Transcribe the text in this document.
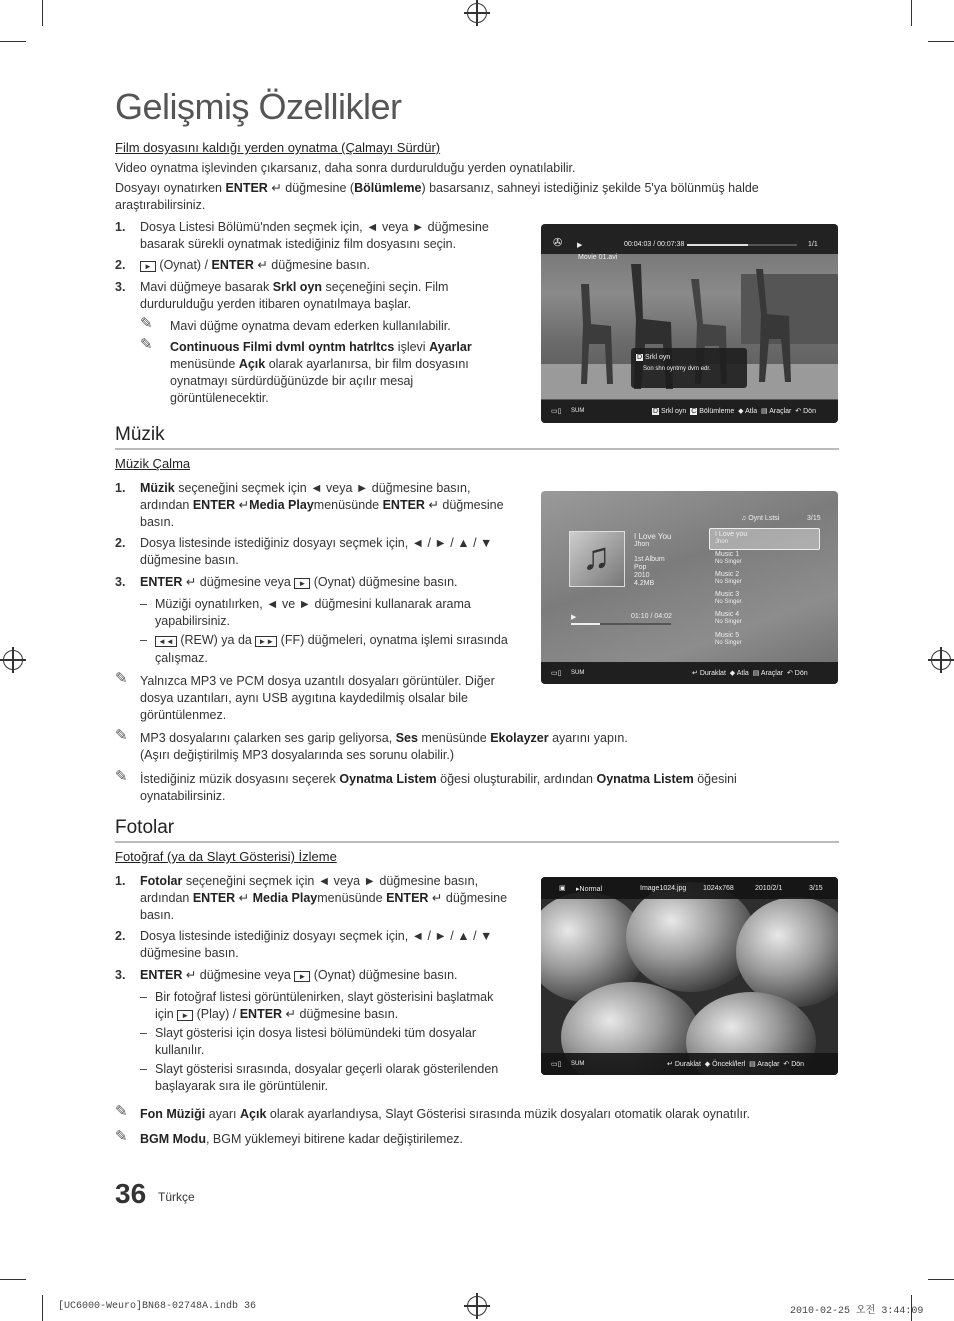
Gelişmiş Özellikler
Film dosyasını kaldığı yerden oynatma (Çalmayı Sürdür)
Video oynatma işlevinden çıkarsanız, daha sonra durdurulduğu yerden oynatılabilir.
Dosyayı oynatırken ENTER ↵ düğmesine (Bölümleme) basarsanız, sahneyi istediğiniz şekilde 5'ya bölünmüş halde
araştırabilirsiniz.
1. Dosya Listesi Bölümü'nden seçmek için, ◄ veya ► düğmesine basarak sürekli oynatmak istediğiniz film dosyasını seçin.
2.	► (Oynat) / ENTER ↵ düğmesine basın.
3. Mavi düğmeye basarak Srkl oyn seçeneğini seçin. Film durdurulduğu yerden itibaren oynatılmaya başlar.
✎ Mavi düğme oynatma devam ederken kullanılabilir.
✎ Continuous Filmi dvml oyntm hatrltcs işlevi Ayarlar menüsünde Açık olarak ayarlanırsa, bir film dosyasını oynatmayı sürdürdüğünüzde bir açılır mesaj görüntülenecektir.
✇ ▶	00:04:03 / 00:07:38	1/1
Movie 01.avi
D Srkl oyn
Son shn oyntmy dvm edr.
▭▯ SUM	D Srkl oyn C Bölümleme ◆ Atla ▤ Araçlar ↶ Dön
Müzik
Müzik Çalma
1. Müzik seçeneğini seçmek için ◄ veya ► düğmesine basın, ardından ENTER ↵Media Playmenüsünde ENTER ↵ düğmesine basın.
2. Dosya listesinde istediğiniz dosyayı seçmek için, ◄ / ► / ▲ / ▼ düğmesine basın.
3. ENTER ↵ düğmesine veya ► (Oynat) düğmesine basın.
– Müziği oynatılırken, ◄ ve ► düğmesini kullanarak arama yapabilirsiniz.
–	◄◄ (REW) ya da ►► (FF) düğmeleri, oynatma işlemi sırasında çalışmaz.
✎ Yalnızca MP3 ve PCM dosya uzantılı dosyaları görüntüler. Diğer dosya uzantıları, aynı USB aygıtına kaydedilmiş olsalar bile görüntülenmez.
✎ MP3 dosyalarını çalarken ses garip geliyorsa, Ses menüsünde Ekolayzer ayarını yapın.
(Aşırı değiştirilmiş MP3 dosyalarında ses sorunu olabilir.)
✎ İstediğiniz müzik dosyasını seçerek Oynatma Listem öğesi oluşturabilir, ardından Oynatma Listem öğesini
oynatabilirsiniz.
♫ Oynt Lstsi	3/15
♫	I Love You
Jhon
1st Album
Pop
2010
4.2MB
▶	01:10 / 04:02
I Love you
Jhon
Music 1
No Singer
Music 2
No Singer
Music 3
No Singer
Music 4
No Singer
Music 5
No Singer
▭▯ SUM	↵ Duraklat ◆ Atla ▤ Araçlar ↶ Dön
Fotolar
Fotoğraf (ya da Slayt Gösterisi) İzleme
1. Fotolar seçeneğini seçmek için ◄ veya ► düğmesine basın, ardından ENTER ↵ Media Playmenüsünde ENTER ↵ düğmesine basın.
2. Dosya listesinde istediğiniz dosyayı seçmek için, ◄ / ► / ▲ / ▼ düğmesine basın.
3. ENTER ↵ düğmesine veya ► (Oynat) düğmesine basın.
– Bir fotoğraf listesi görüntülenirken, slayt gösterisini başlatmak için ► (Play) / ENTER ↵ düğmesine basın.
– Slayt gösterisi için dosya listesi bölümündeki tüm dosyalar kullanılır.
– Slayt gösterisi sırasında, dosyalar geçerli olarak gösterilenden başlayarak sıra ile görüntülenir.
✎ Fon Müziği ayarı Açık olarak ayarlandıysa, Slayt Gösterisi sırasında müzik dosyaları otomatik olarak oynatılır.
✎ BGM Modu, BGM yüklemeyi bitirene kadar değiştirilemez.
▣ ▸Normal	Image1024.jpg 1024x768	2010/2/1	3/15
▭▯ SUM	↵ Duraklat ◆ Öncekl/lerl ▤ Araçlar ↶ Dön
36 Türkçe
[UC6000-Weuro]BN68-02748A.indb 36	2010-02-25 오전 3:44:09
